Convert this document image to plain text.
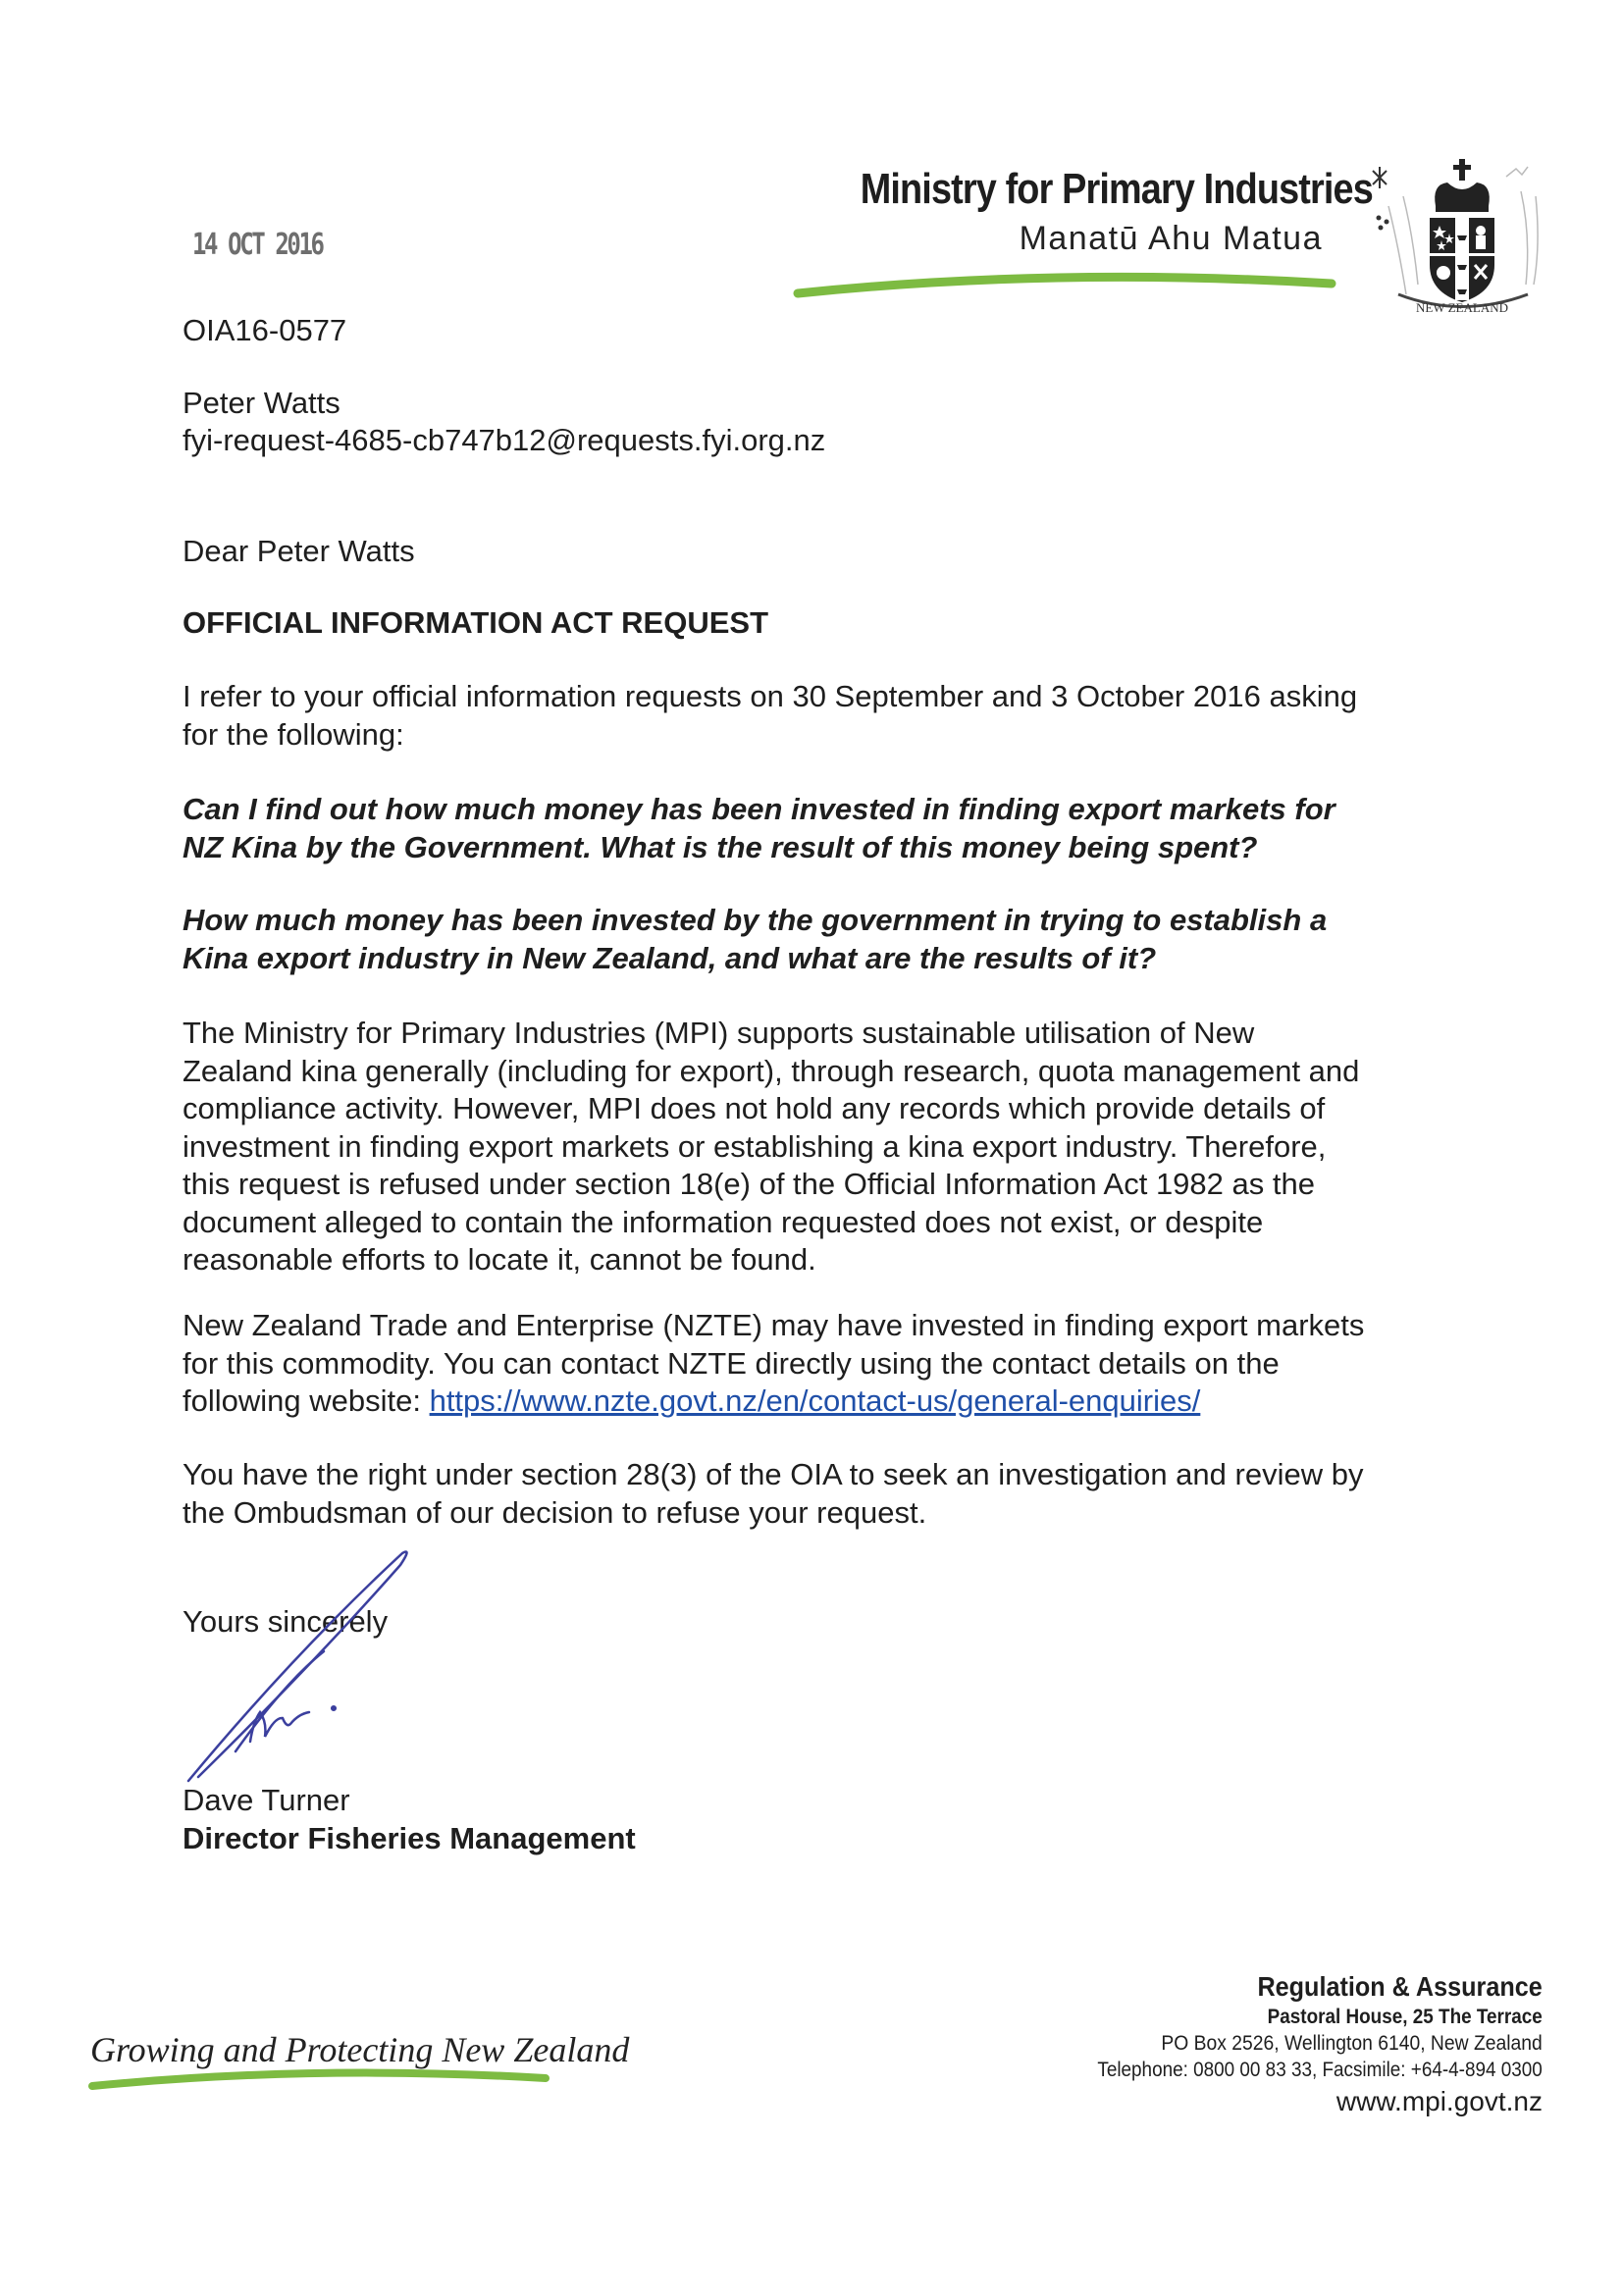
Ministry for Primary Industries
Manatū Ahu Matua
NEW ZEALAND
14 OCT 2016
OIA16-0577
Peter Watts
fyi-request-4685-cb747b12@requests.fyi.org.nz
Dear Peter Watts
OFFICIAL INFORMATION ACT REQUEST
I refer to your official information requests on 30 September and 3 October 2016 asking
for the following:
Can I find out how much money has been invested in finding export markets for
NZ Kina by the Government. What is the result of this money being spent?
How much money has been invested by the government in trying to establish a
Kina export industry in New Zealand, and what are the results of it?
The Ministry for Primary Industries (MPI) supports sustainable utilisation of New
Zealand kina generally (including for export), through research, quota management and
compliance activity. However, MPI does not hold any records which provide details of
investment in finding export markets or establishing a kina export industry. Therefore,
this request is refused under section 18(e) of the Official Information Act 1982 as the
document alleged to contain the information requested does not exist, or despite
reasonable efforts to locate it, cannot be found.
New Zealand Trade and Enterprise (NZTE) may have invested in finding export markets
for this commodity. You can contact NZTE directly using the contact details on the
following website: https://www.nzte.govt.nz/en/contact-us/general-enquiries/
You have the right under section 28(3) of the OIA to seek an investigation and review by
the Ombudsman of our decision to refuse your request.
Yours sincerely
Dave Turner
Director Fisheries Management
Growing and Protecting New Zealand
Regulation & Assurance
Pastoral House, 25 The Terrace
PO Box 2526, Wellington 6140, New Zealand
Telephone: 0800 00 83 33, Facsimile: +64-4-894 0300
www.mpi.govt.nz
